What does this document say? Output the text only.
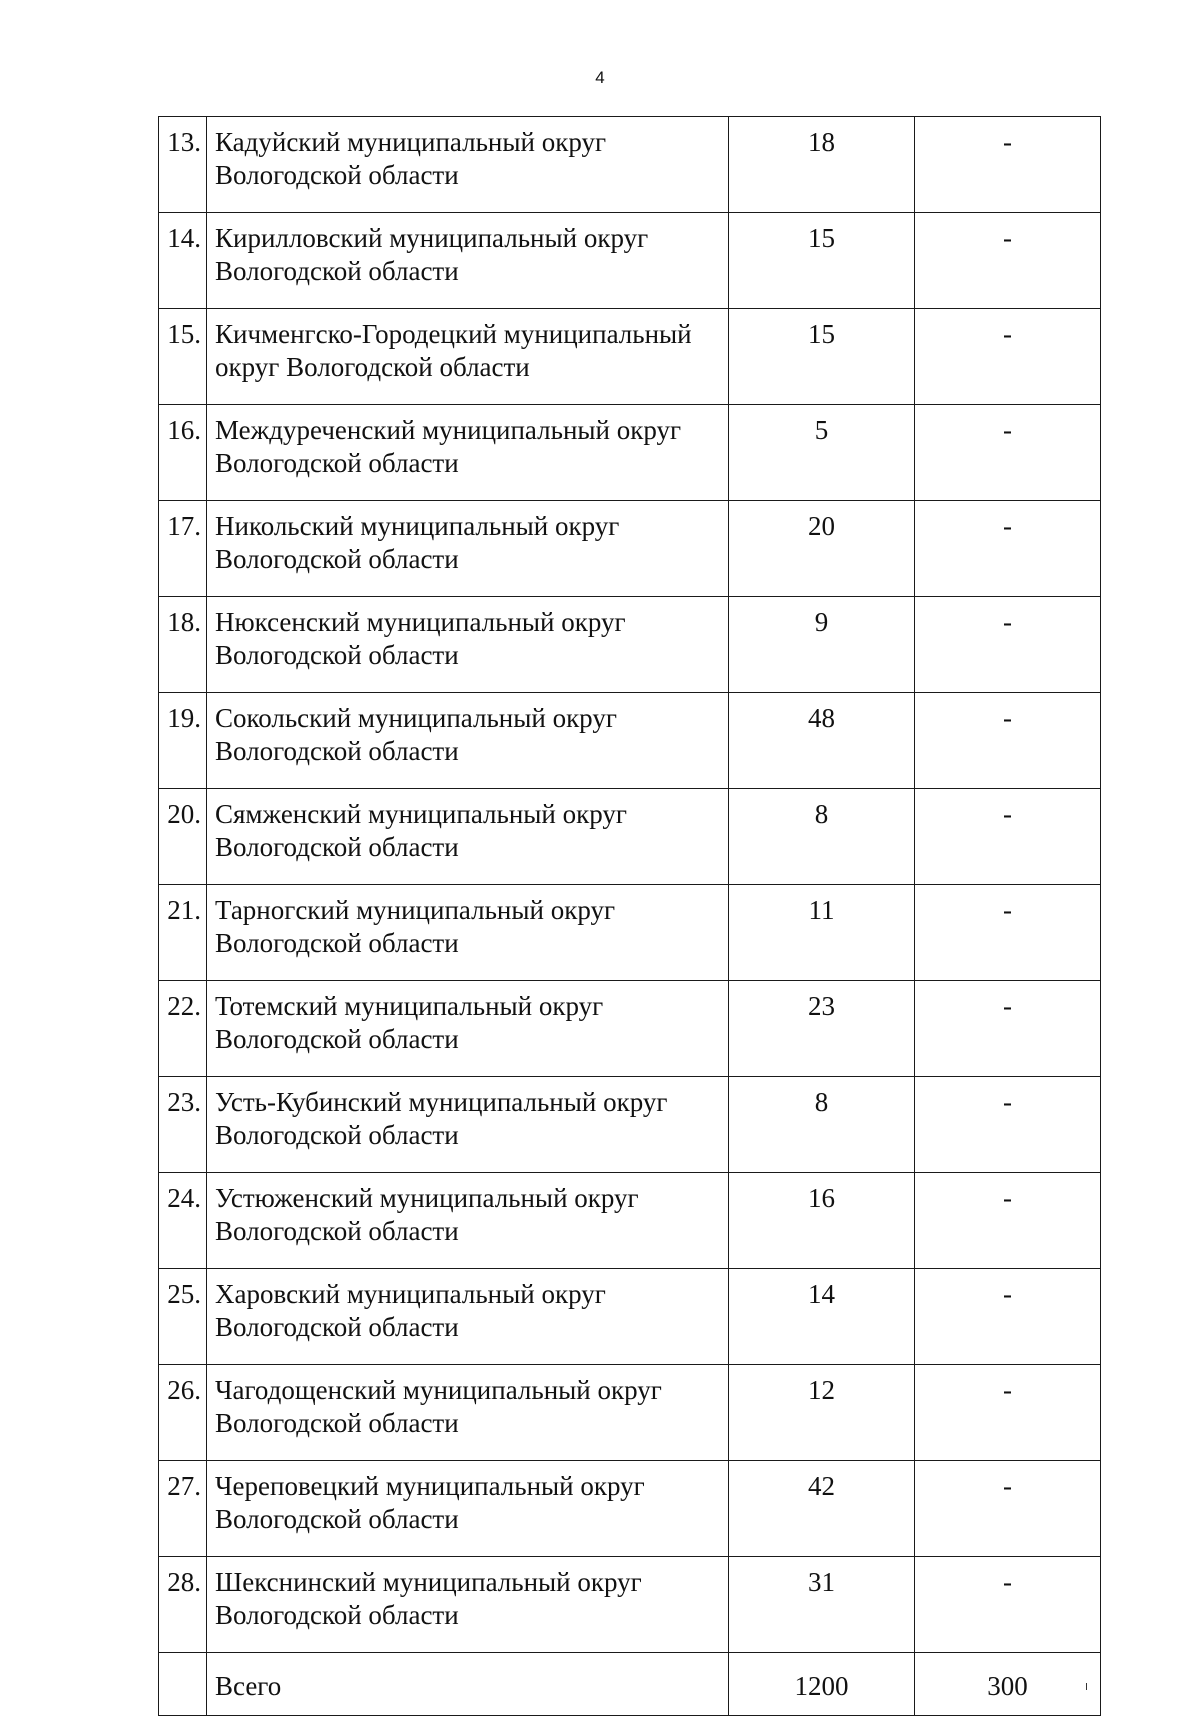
4
13.	Кадуйский муниципальный округ Вологодской области	18	-
14.	Кирилловский муниципальный округ Вологодской области	15	-
15.	Кичменгско-Городецкий муниципальный округ Вологодской области	15	-
16.	Междуреченский муниципальный округ Вологодской области	5	-
17.	Никольский муниципальный округ Вологодской области	20	-
18.	Нюксенский муниципальный округ Вологодской области	9	-
19.	Сокольский муниципальный округ Вологодской области	48	-
20.	Сямженский муниципальный округ Вологодской области	8	-
21.	Тарногский муниципальный округ Вологодской области	11	-
22.	Тотемский муниципальный округ Вологодской области	23	-
23.	Усть-Кубинский муниципальный округ Вологодской области	8	-
24.	Устюженский муниципальный округ Вологодской области	16	-
25.	Харовский муниципальный округ Вологодской области	14	-
26.	Чагодощенский муниципальный округ Вологодской области	12	-
27.	Череповецкий муниципальный округ Вологодской области	42	-
28.	Шекснинский муниципальный округ Вологодской области	31	-
	Всего	1200	300
